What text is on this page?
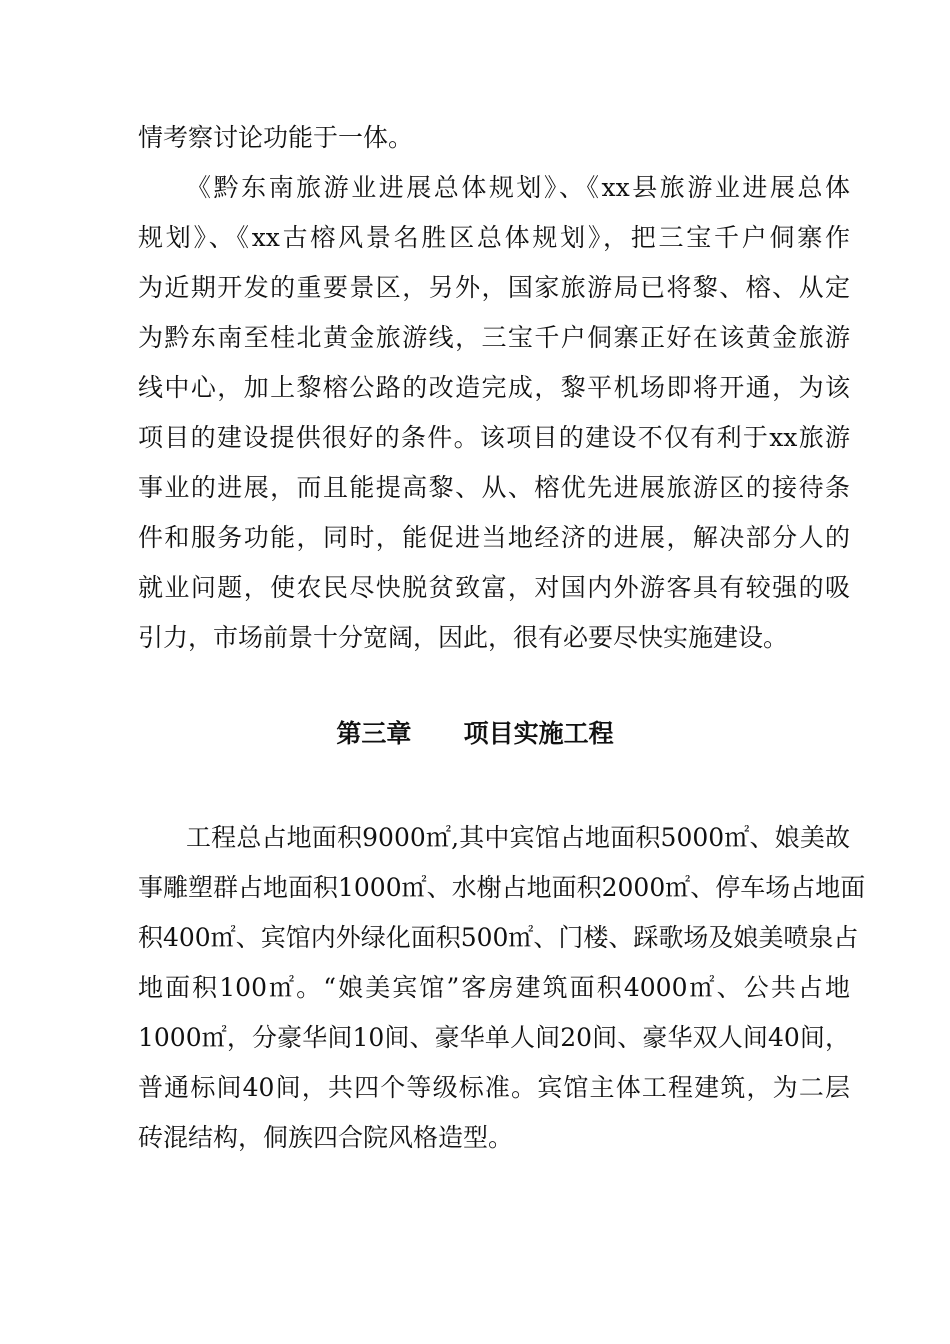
情考察讨论功能于一体。
《黔东南旅游业进展总体规划》、《xx县旅游业进展总体
规划》、《xx古榕风景名胜区总体规划》，把三宝千户侗寨作
为近期开发的重要景区，另外，国家旅游局已将黎、榕、从定
为黔东南至桂北黄金旅游线，三宝千户侗寨正好在该黄金旅游
线中心，加上黎榕公路的改造完成，黎平机场即将开通，为该
项目的建设提供很好的条件。该项目的建设不仅有利于xx旅游
事业的进展，而且能提高黎、从、榕优先进展旅游区的接待条
件和服务功能，同时，能促进当地经济的进展，解决部分人的
就业问题，使农民尽快脱贫致富，对国内外游客具有较强的吸
引力，市场前景十分宽阔，因此，很有必要尽快实施建设。
第三章      项目实施工程
工程总占地面积9000㎡,其中宾馆占地面积5000㎡、娘美故
事雕塑群占地面积1000㎡、水榭占地面积2000㎡、停车场占地面
积400㎡、宾馆内外绿化面积500㎡、门楼、踩歌场及娘美喷泉占
地面积100㎡。“娘美宾馆”客房建筑面积4000㎡、公共占地
1000㎡，分豪华间10间、豪华单人间20间、豪华双人间40间，
普通标间40间，共四个等级标准。宾馆主体工程建筑，为二层
砖混结构，侗族四合院风格造型。
